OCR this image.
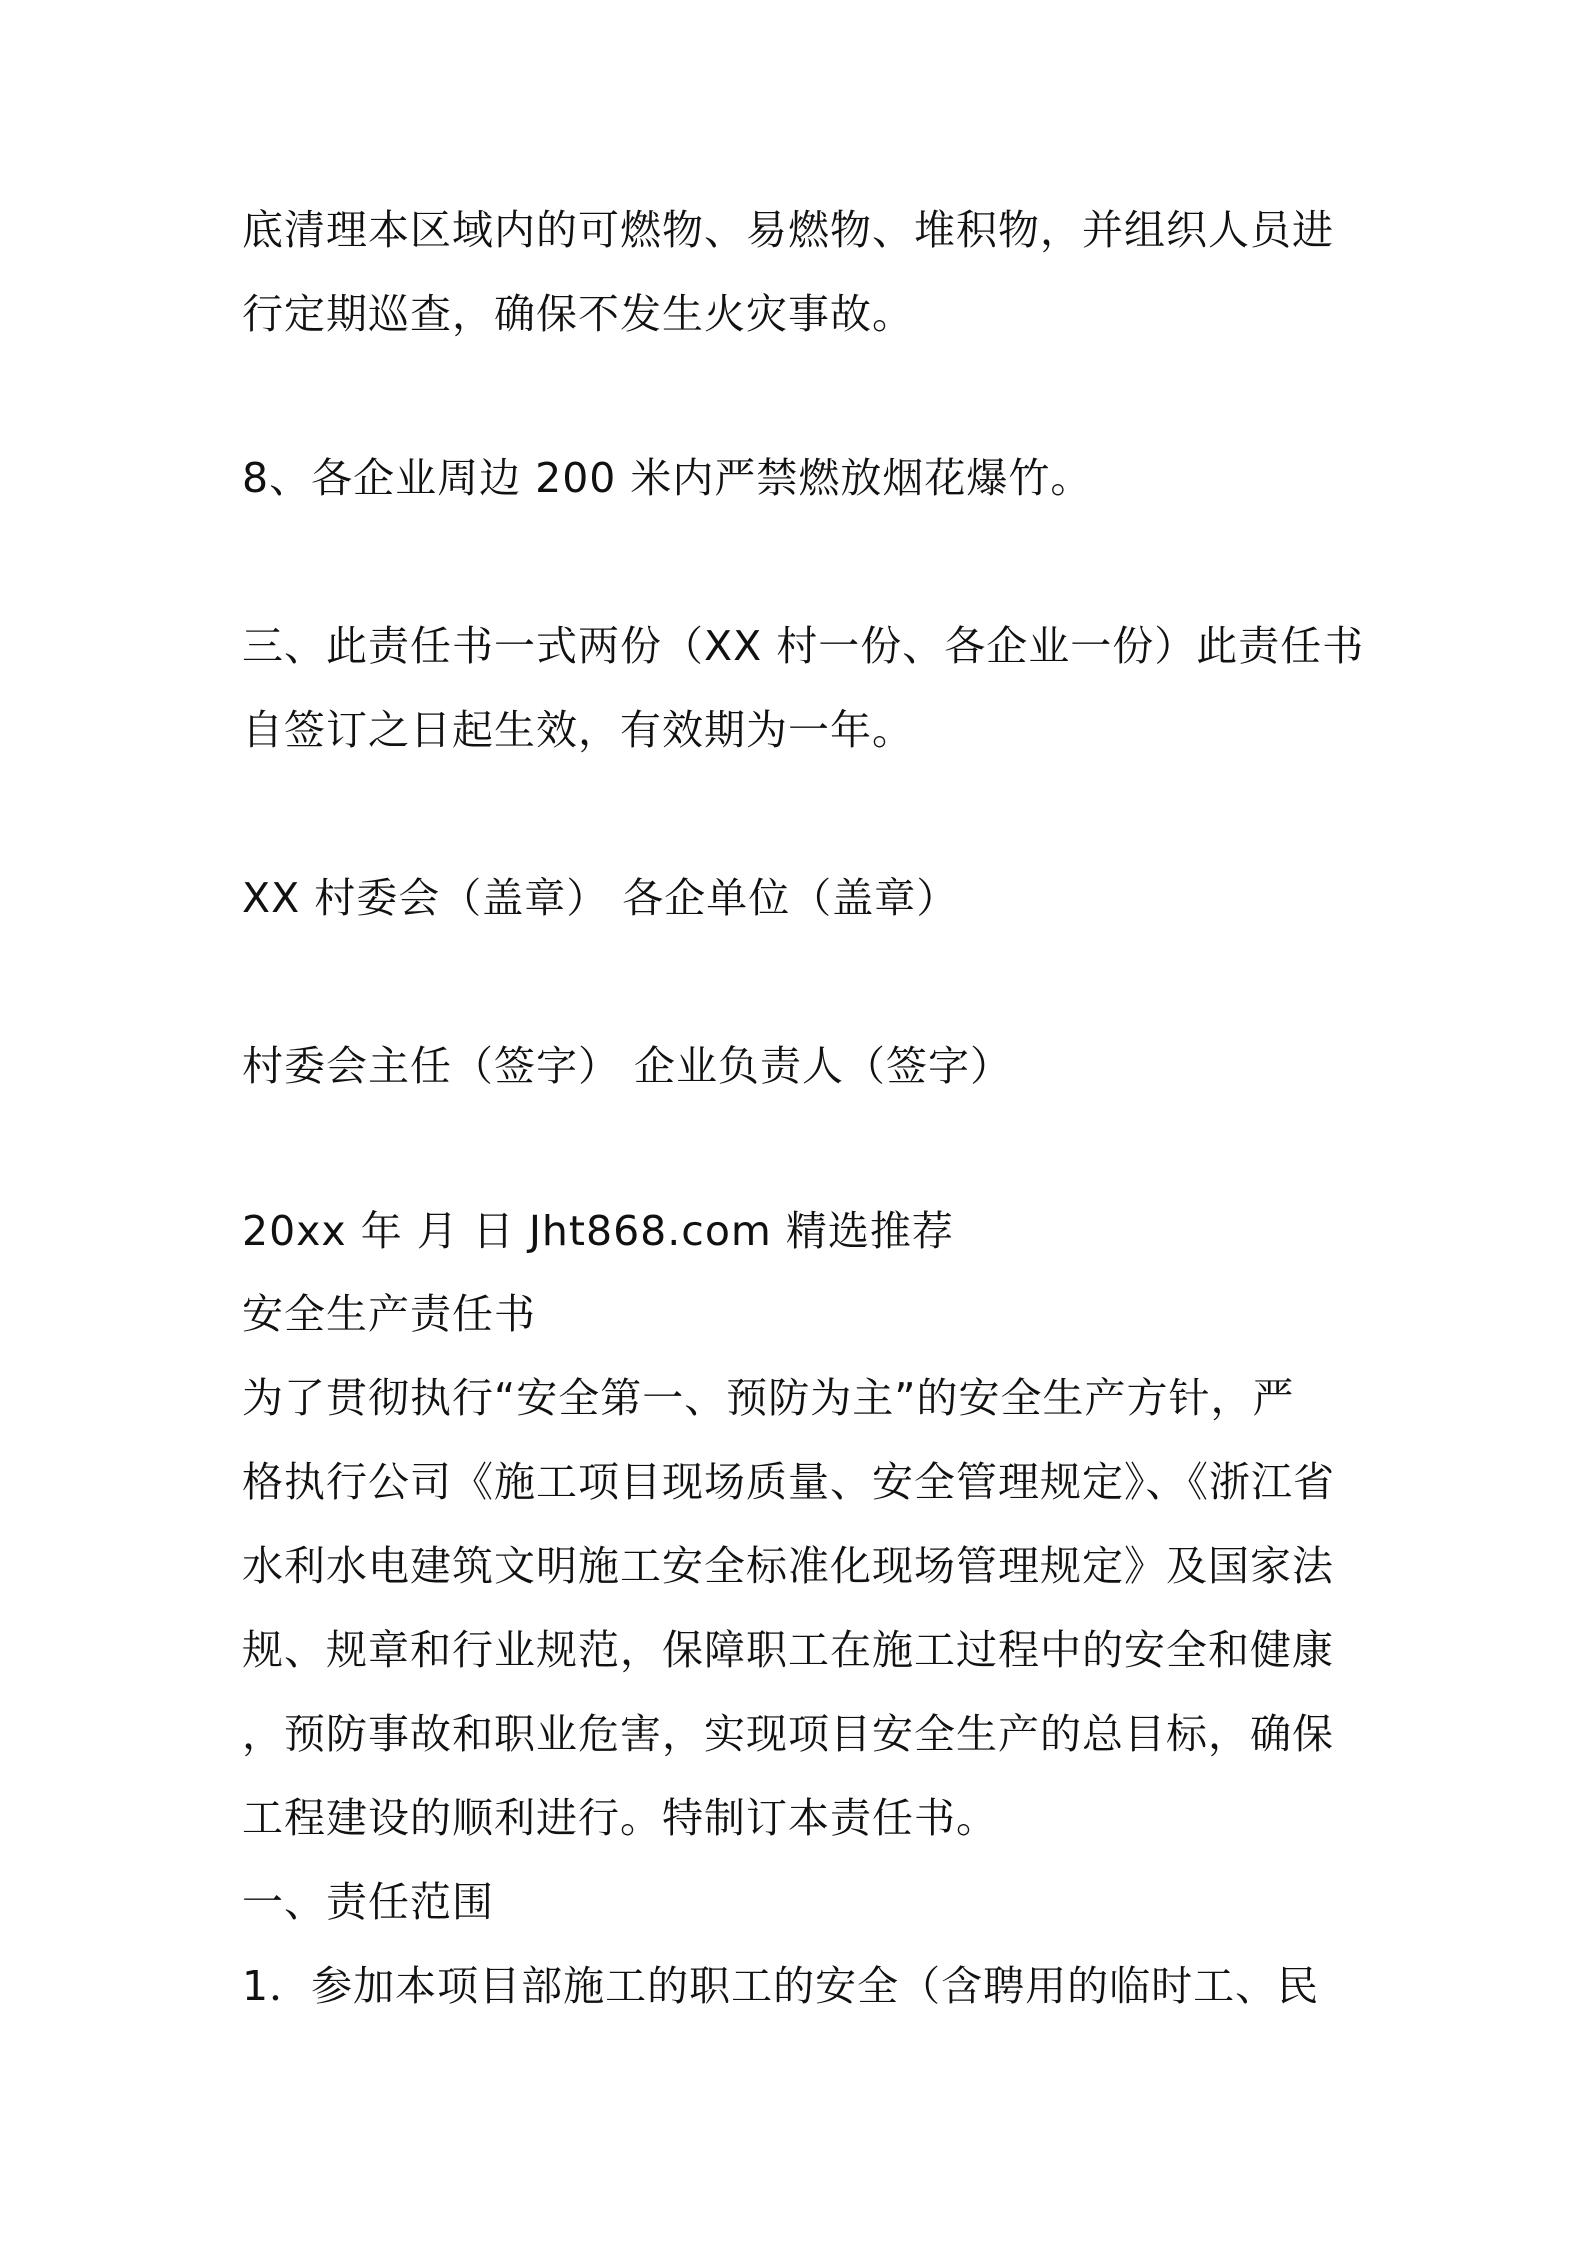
底清理本区域内的可燃物、易燃物、堆积物，并组织人员进
行定期巡查，确保不发生火灾事故。
8、各企业周边 200 米内严禁燃放烟花爆竹。
三、此责任书一式两份（XX 村一份、各企业一份）此责任书
自签订之日起生效，有效期为一年。
XX 村委会（盖章） 各企单位（盖章）
村委会主任（签字） 企业负责人（签字）
20xx 年 月 日 Jht868.com 精选推荐
安全生产责任书
为了贯彻执行“安全第一、预防为主”的安全生产方针，严
格执行公司《施工项目现场质量、安全管理规定》、《浙江省
水利水电建筑文明施工安全标准化现场管理规定》及国家法
规、规章和行业规范，保障职工在施工过程中的安全和健康
，预防事故和职业危害，实现项目安全生产的总目标，确保
工程建设的顺利进行。特制订本责任书。
一、责任范围
1．参加本项目部施工的职工的安全（含聘用的临时工、民
